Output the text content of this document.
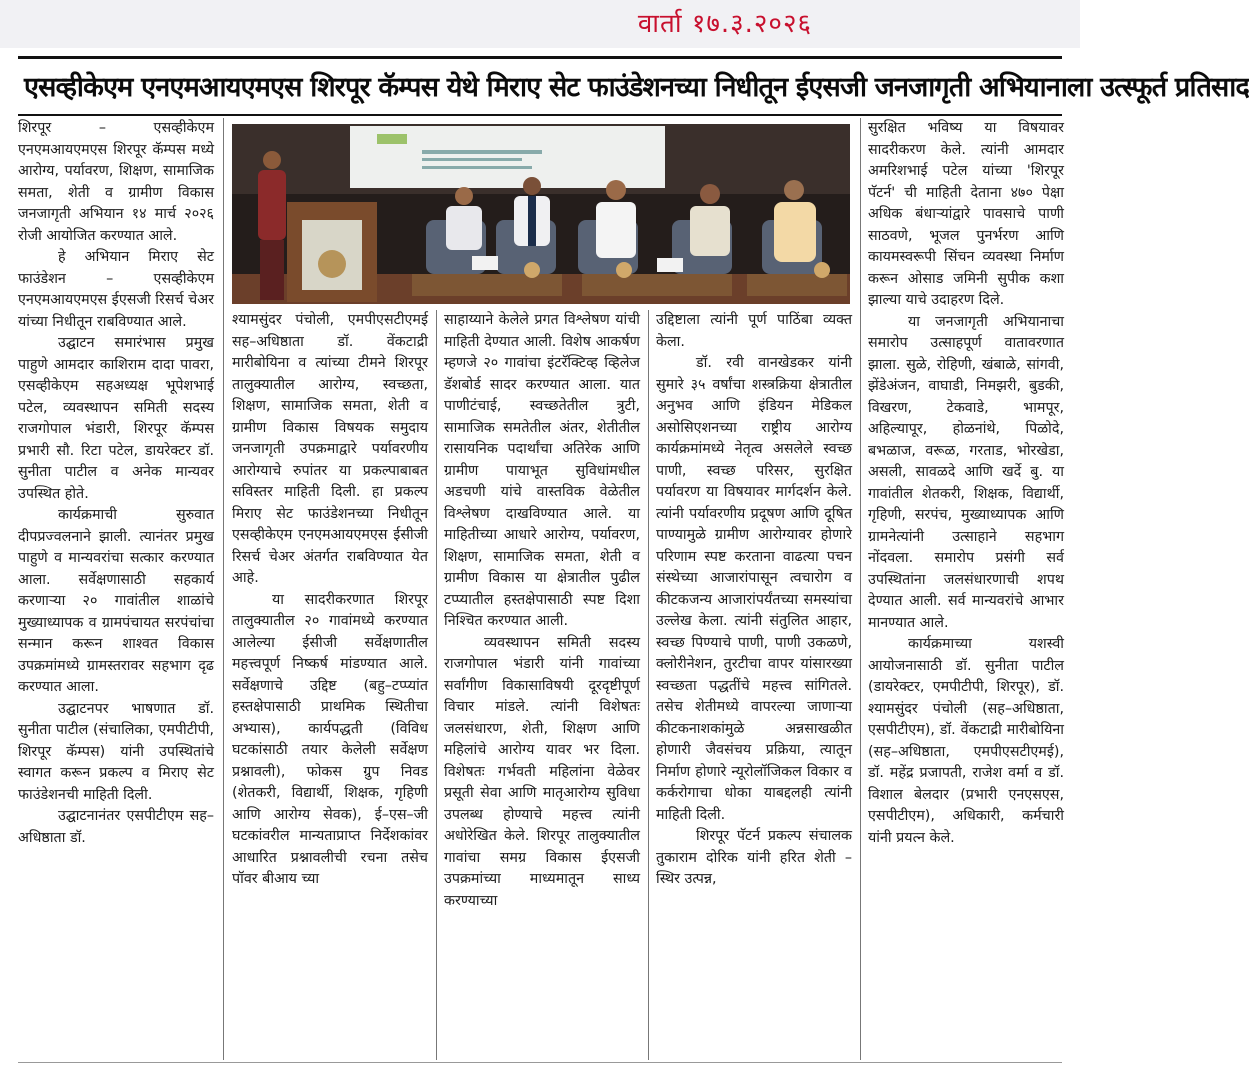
वार्ता १७.३.२०२६
एसव्हीकेएम एनएमआयएमएस शिरपूर कॅम्पस येथे मिराए सेट फाउंडेशनच्या निधीतून ईएसजी जनजागृती अभियानाला उत्स्फूर्त प्रतिसाद

शिरपूर – एसव्हीकेएम एनएमआयएमएस शिरपूर कॅम्पस मध्ये आरोग्य, पर्यावरण, शिक्षण, सामाजिक समता, शेती व ग्रामीण विकास जनजागृती अभियान १४ मार्च २०२६ रोजी आयोजित करण्यात आले.

हे अभियान मिराए सेट फाउंडेशन – एसव्हीकेएम एनएमआयएमएस ईएसजी रिसर्च चेअर यांच्या निधीतून राबविण्यात आले.

उद्घाटन समारंभास प्रमुख पाहुणे आमदार काशिराम दादा पावरा, एसव्हीकेएम सहअध्यक्ष भूपेशभाई पटेल, व्यवस्थापन समिती सदस्य राजगोपाल भंडारी, शिरपूर कॅम्पस प्रभारी सौ. रिटा पटेल, डायरेक्टर डॉ. सुनीता पाटील व अनेक मान्यवर उपस्थित होते.

कार्यक्रमाची सुरुवात दीपप्रज्वलनाने झाली. त्यानंतर प्रमुख पाहुणे व मान्यवरांचा सत्कार करण्यात आला. सर्वेक्षणासाठी सहकार्य करणाऱ्या २० गावांतील शाळांचे मुख्याध्यापक व ग्रामपंचायत सरपंचांचा सन्मान करून शाश्वत विकास उपक्रमांमध्ये ग्रामस्तरावर सहभाग दृढ करण्यात आला.

उद्घाटनपर भाषणात डॉ. सुनीता पाटील (संचालिका, एमपीटीपी, शिरपूर कॅम्पस) यांनी उपस्थितांचे स्वागत करून प्रकल्प व मिराए सेट फाउंडेशनची माहिती दिली.

उद्घाटनानंतर एसपीटीएम सह–अधिष्ठाता डॉ.

श्यामसुंदर पंचोली, एमपीएसटीएमई सह–अधिष्ठाता डॉ. वेंकटाद्री मारीबोयिना व त्यांच्या टीमने शिरपूर तालुक्यातील आरोग्य, स्वच्छता, शिक्षण, सामाजिक समता, शेती व ग्रामीण विकास विषयक समुदाय जनजागृती उपक्रमाद्वारे पर्यावरणीय आरोग्याचे रुपांतर या प्रकल्पाबाबत सविस्तर माहिती दिली. हा प्रकल्प मिराए सेट फाउंडेशनच्या निधीतून एसव्हीकेएम एनएमआयएमएस ईसीजी रिसर्च चेअर अंतर्गत राबविण्यात येत आहे.

या सादरीकरणात शिरपूर तालुक्यातील २० गावांमध्ये करण्यात आलेल्या ईसीजी सर्वेक्षणातील महत्त्वपूर्ण निष्कर्ष मांडण्यात आले. सर्वेक्षणाचे उद्दिष्ट (बहु–टप्प्यांत हस्तक्षेपासाठी प्राथमिक स्थितीचा अभ्यास), कार्यपद्धती (विविध घटकांसाठी तयार केलेली सर्वेक्षण प्रश्नावली), फोकस ग्रुप निवड (शेतकरी, विद्यार्थी, शिक्षक, गृहिणी आणि आरोग्य सेवक), ई–एस–जी घटकांवरील मान्यताप्राप्त निर्देशकांवर आधारित प्रश्नावलीची रचना तसेच पॉवर बीआय च्या

साहाय्याने केलेले प्रगत विश्लेषण यांची माहिती देण्यात आली. विशेष आकर्षण म्हणजे २० गावांचा इंटरॅक्टिव्ह व्हिलेज डॅशबोर्ड सादर करण्यात आला. यात पाणीटंचाई, स्वच्छतेतील त्रुटी, सामाजिक समतेतील अंतर, शेतीतील रासायनिक पदार्थांचा अतिरेक आणि ग्रामीण पायाभूत सुविधांमधील अडचणी यांचे वास्तविक वेळेतील विश्लेषण दाखविण्यात आले. या माहितीच्या आधारे आरोग्य, पर्यावरण, शिक्षण, सामाजिक समता, शेती व ग्रामीण विकास या क्षेत्रातील पुढील टप्प्यातील हस्तक्षेपासाठी स्पष्ट दिशा निश्चित करण्यात आली.

व्यवस्थापन समिती सदस्य राजगोपाल भंडारी यांनी गावांच्या सर्वांगीण विकासाविषयी दूरदृष्टीपूर्ण विचार मांडले. त्यांनी विशेषतः जलसंधारण, शेती, शिक्षण आणि महिलांचे आरोग्य यावर भर दिला. विशेषतः गर्भवती महिलांना वेळेवर प्रसूती सेवा आणि मातृआरोग्य सुविधा उपलब्ध होण्याचे महत्त्व त्यांनी अधोरेखित केले. शिरपूर तालुक्यातील गावांचा समग्र विकास ईएसजी उपक्रमांच्या माध्यमातून साध्य करण्याच्या

उद्दिष्टाला त्यांनी पूर्ण पाठिंबा व्यक्त केला.

डॉ. रवी वानखेडकर यांनी सुमारे ३५ वर्षांचा शस्त्रक्रिया क्षेत्रातील अनुभव आणि इंडियन मेडिकल असोसिएशनच्या राष्ट्रीय आरोग्य कार्यक्रमांमध्ये नेतृत्व असलेले स्वच्छ पाणी, स्वच्छ परिसर, सुरक्षित पर्यावरण या विषयावर मार्गदर्शन केले. त्यांनी पर्यावरणीय प्रदूषण आणि दूषित पाण्यामुळे ग्रामीण आरोग्यावर होणारे परिणाम स्पष्ट करताना वाढत्या पचन संस्थेच्या आजारांपासून त्वचारोग व कीटकजन्य आजारांपर्यंतच्या समस्यांचा उल्लेख केला. त्यांनी संतुलित आहार, स्वच्छ पिण्याचे पाणी, पाणी उकळणे, क्लोरीनेशन, तुरटीचा वापर यांसारख्या स्वच्छता पद्धतींचे महत्त्व सांगितले. तसेच शेतीमध्ये वापरल्या जाणाऱ्या कीटकनाशकांमुळे अन्नसाखळीत होणारी जैवसंचय प्रक्रिया, त्यातून निर्माण होणारे न्यूरोलॉजिकल विकार व कर्करोगाचा धोका याबद्दलही त्यांनी माहिती दिली.

शिरपूर पॅटर्न प्रकल्प संचालक तुकाराम दोरिक यांनी हरित शेती – स्थिर उत्पन्न,

सुरक्षित भविष्य या विषयावर सादरीकरण केले. त्यांनी आमदार अमरिशभाई पटेल यांच्या 'शिरपूर पॅटर्न' ची माहिती देताना ४७० पेक्षा अधिक बंधाऱ्यांद्वारे पावसाचे पाणी साठवणे, भूजल पुनर्भरण आणि कायमस्वरूपी सिंचन व्यवस्था निर्माण करून ओसाड जमिनी सुपीक कशा झाल्या याचे उदाहरण दिले.

या जनजागृती अभियानाचा समारोप उत्साहपूर्ण वातावरणात झाला. सुळे, रोहिणी, खंबाळे, सांगवी, झेंडेअंजन, वाघाडी, निमझरी, बुडकी, विखरण, टेकवाडे, भामपूर, अहिल्यापूर, होळनांथे, पिळोदे, बभळाज, वरूळ, गरताड, भोरखेडा, असली, सावळदे आणि खर्दे बु. या गावांतील शेतकरी, शिक्षक, विद्यार्थी, गृहिणी, सरपंच, मुख्याध्यापक आणि ग्रामनेत्यांनी उत्साहाने सहभाग नोंदवला. समारोप प्रसंगी सर्व उपस्थितांना जलसंधारणाची शपथ देण्यात आली. सर्व मान्यवरांचे आभार मानण्यात आले.

कार्यक्रमाच्या यशस्वी आयोजनासाठी डॉ. सुनीता पाटील (डायरेक्टर, एमपीटीपी, शिरपूर), डॉ. श्यामसुंदर पंचोली (सह–अधिष्ठाता, एसपीटीएम), डॉ. वेंकटाद्री मारीबोयिना (सह–अधिष्ठाता, एमपीएसटीएमई), डॉ. महेंद्र प्रजापती, राजेश वर्मा व डॉ. विशाल बेलदार (प्रभारी एनएसएस, एसपीटीएम), अधिकारी, कर्मचारी यांनी प्रयत्न केले.
